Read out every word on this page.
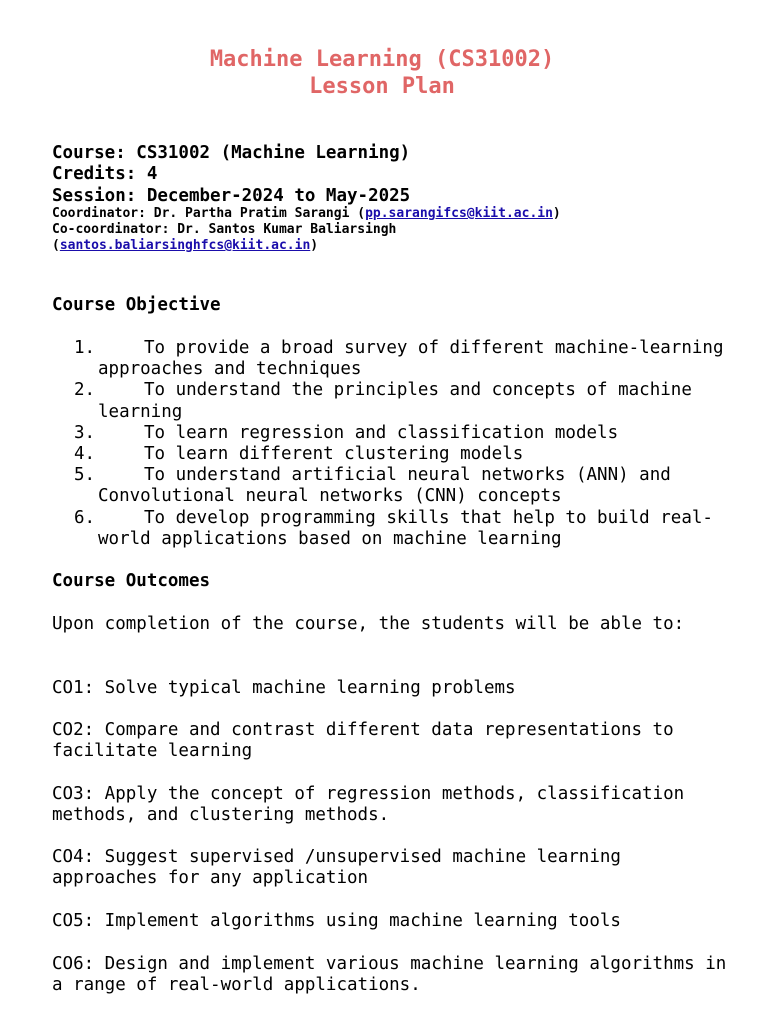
Machine Learning (CS31002)
Lesson Plan
Course: CS31002 (Machine Learning)
Credits: 4
Session: December-2024 to May-2025
Coordinator: Dr. Partha Pratim Sarangi (pp.sarangifcs@kiit.ac.in)
Co-coordinator: Dr. Santos Kumar Baliarsingh
(santos.baliarsinghfcs@kiit.ac.in)
Course Objective
1.	To provide a broad survey of different machine-learning approaches and techniques
2.	To understand the principles and concepts of machine learning
3.	To learn regression and classification models
4.	To learn different clustering models
5.	To understand artificial neural networks (ANN) and Convolutional neural networks (CNN) concepts
6.	To develop programming skills that help to build real-world applications based on machine learning
Course Outcomes
Upon completion of the course, the students will be able to:
CO1: Solve typical machine learning problems
CO2: Compare and contrast different data representations to facilitate learning
CO3: Apply the concept of regression methods, classification methods, and clustering methods.
CO4: Suggest supervised /unsupervised machine learning approaches for any application
CO5: Implement algorithms using machine learning tools
CO6: Design and implement various machine learning algorithms in a range of real-world applications.
